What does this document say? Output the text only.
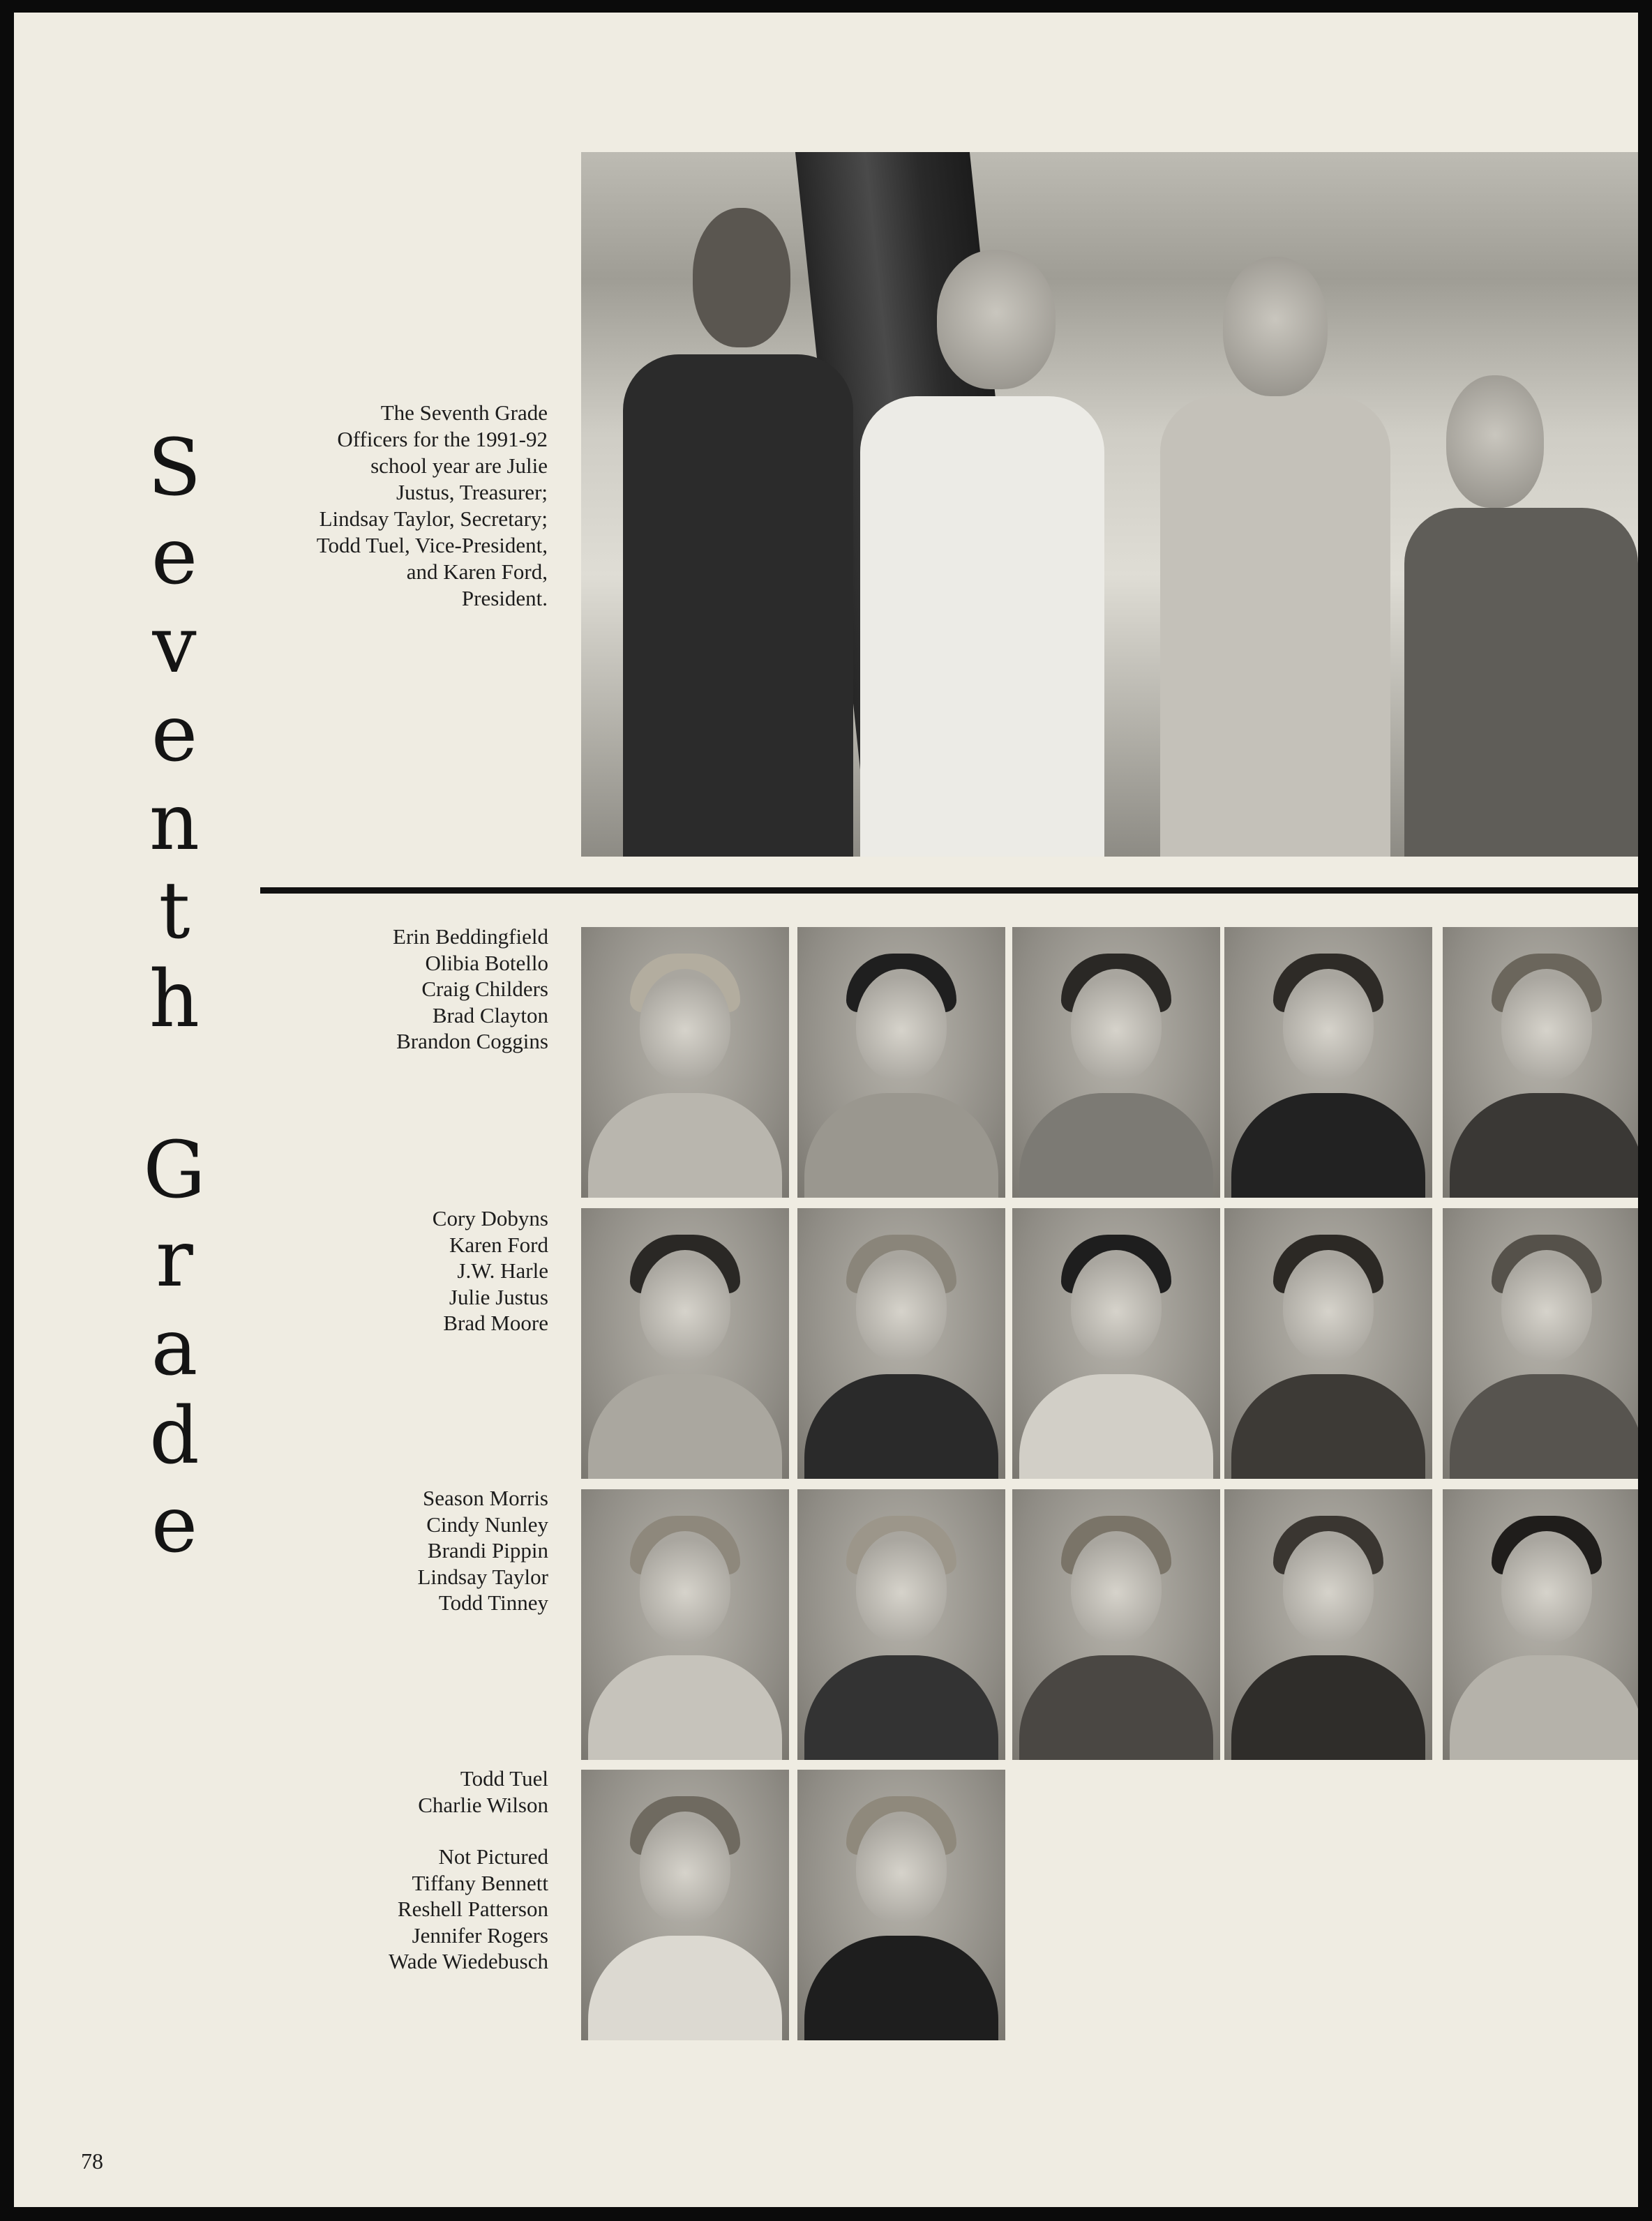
S
e
v
e
n
t
h
G
r
a
d
e
The Seventh Grade
Officers for the 1991-92
school year are Julie
Justus, Treasurer;
Lindsay Taylor, Secretary;
Todd Tuel, Vice-President,
and Karen Ford,
President.
Erin Beddingfield
Olibia Botello
Craig Childers
Brad Clayton
Brandon Coggins
Cory Dobyns
Karen Ford
J.W. Harle
Julie Justus
Brad Moore
Season Morris
Cindy Nunley
Brandi Pippin
Lindsay Taylor
Todd Tinney
Todd Tuel
Charlie Wilson
Not Pictured
Tiffany Bennett
Reshell Patterson
Jennifer Rogers
Wade Wiedebusch
78
